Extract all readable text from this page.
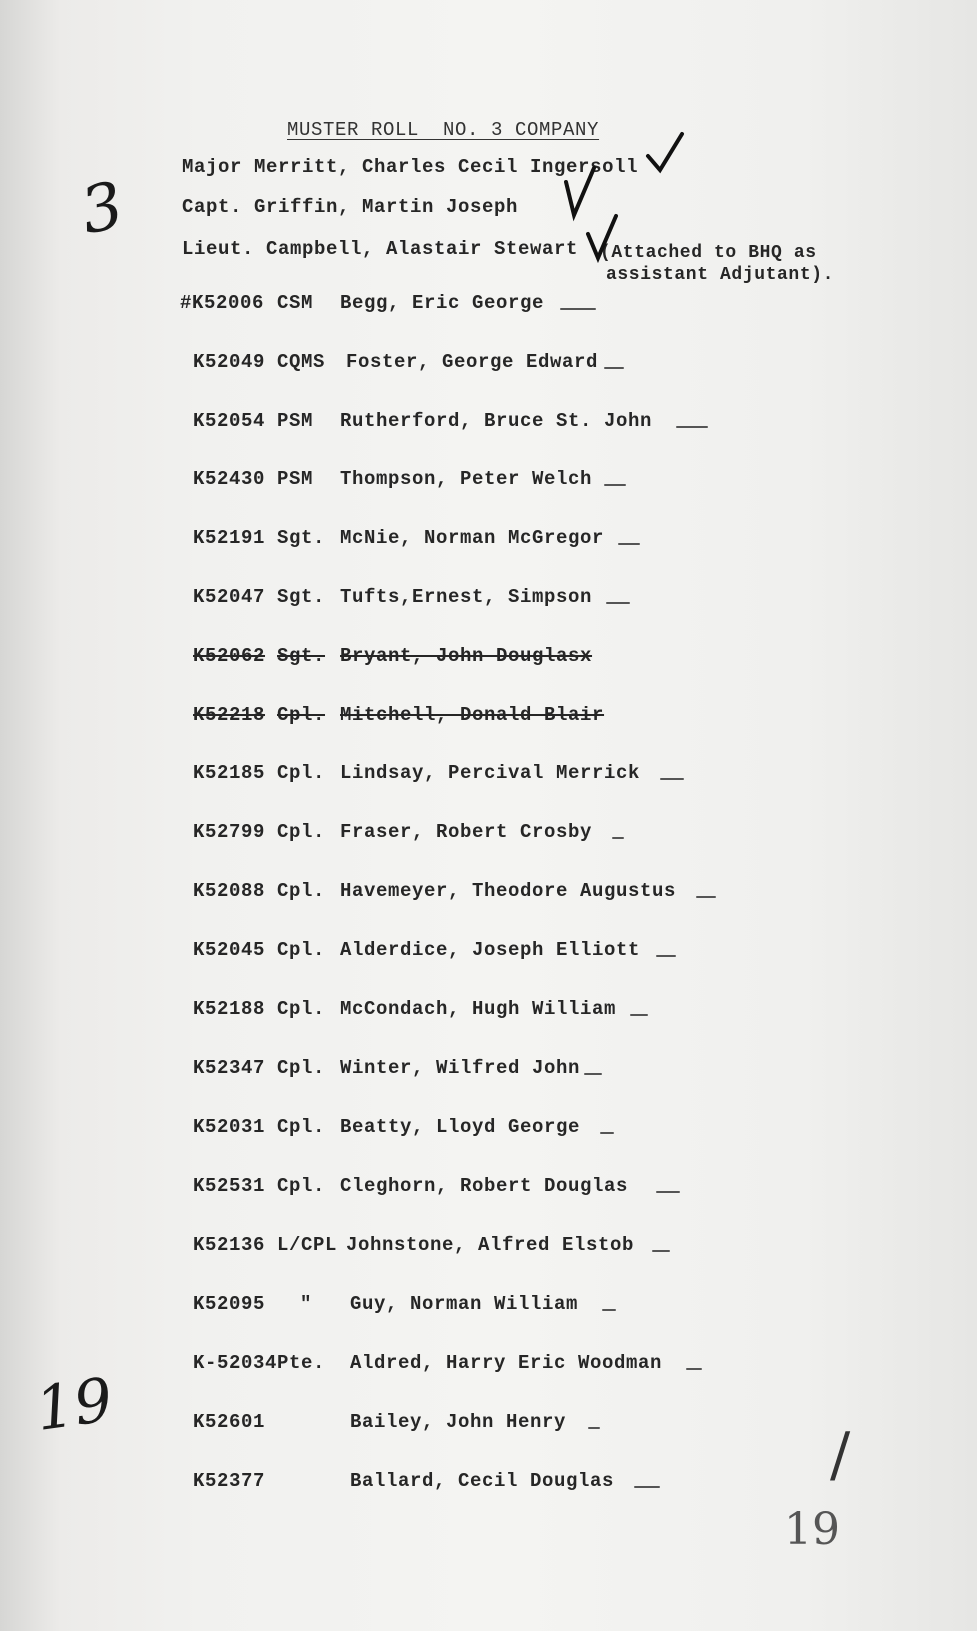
3
19
19
/
MUSTER ROLL  NO. 3 COMPANY
Major Merritt, Charles Cecil Ingersoll
Capt. Griffin, Martin Joseph
Lieut. Campbell, Alastair Stewart (Attached to BHQ as
assistant Adjutant).
#K52006 CSM Begg, Eric George
K52049 CQMS Foster, George Edward
K52054 PSM Rutherford, Bruce St. John
K52430 PSM Thompson, Peter Welch
K52191 Sgt. McNie, Norman McGregor
K52047 Sgt. Tufts,Ernest, Simpson
K52062 Sgt. Bryant, John Douglasx
K52218 Cpl. Mitchell, Donald Blair
K52185 Cpl. Lindsay, Percival Merrick
K52799 Cpl. Fraser, Robert Crosby
K52088 Cpl. Havemeyer, Theodore Augustus
K52045 Cpl. Alderdice, Joseph Elliott
K52188 Cpl. McCondach, Hugh William
K52347 Cpl. Winter, Wilfred John
K52031 Cpl. Beatty, Lloyd George
K52531 Cpl. Cleghorn, Robert Douglas
K52136 L/CPL Johnstone, Alfred Elstob
K52095 " Guy, Norman William
K-52034 Pte. Aldred, Harry Eric Woodman
K52601	Bailey, John Henry
K52377	Ballard, Cecil Douglas
